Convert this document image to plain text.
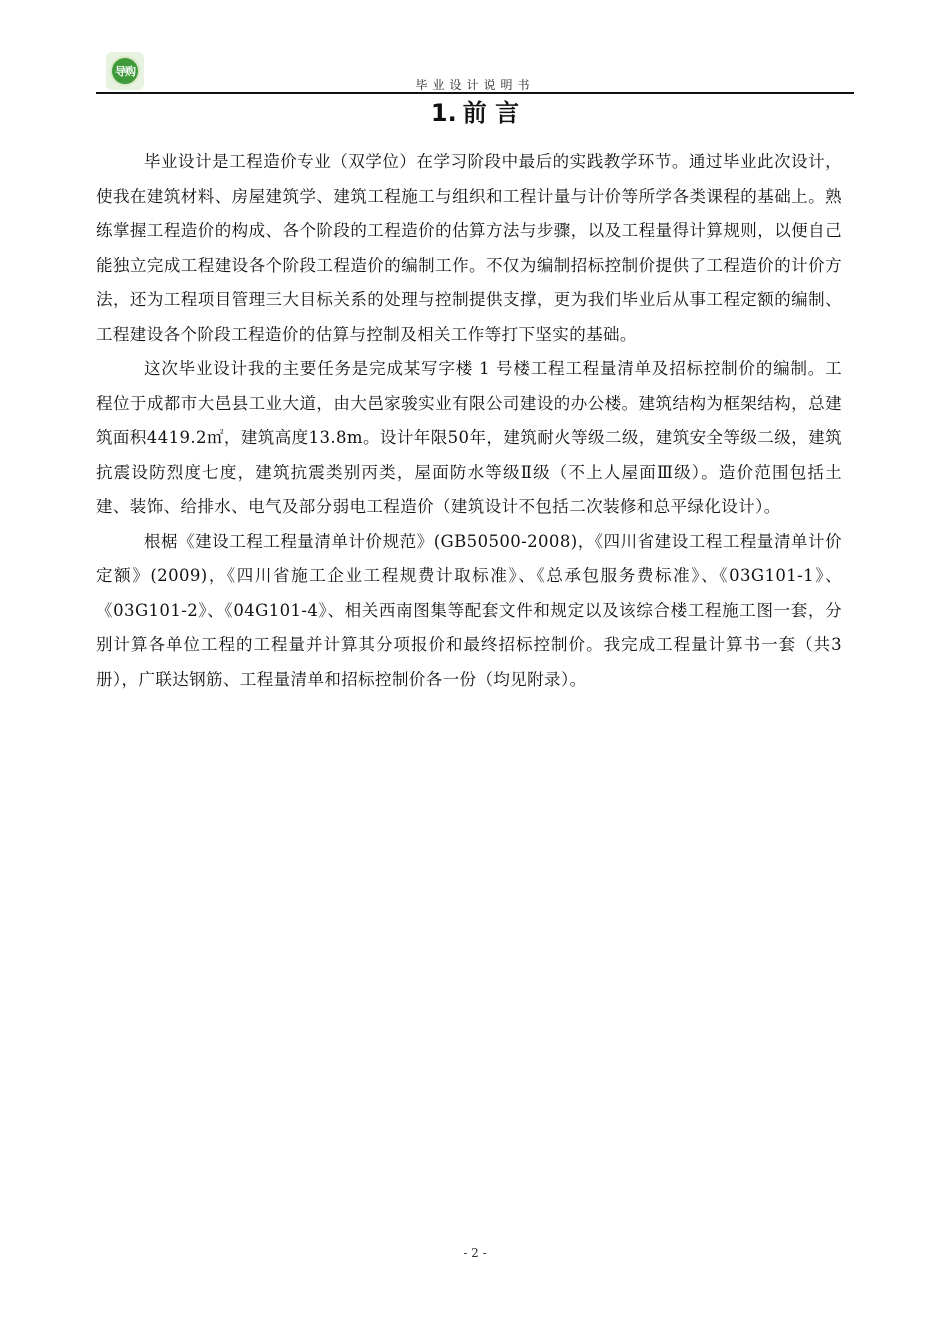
导购
毕业设计说明书
1. 前 言

毕业设计是工程造价专业（双学位）在学习阶段中最后的实践教学环节。通过毕业此次设计，使我在建筑材料、房屋建筑学、建筑工程施工与组织和工程计量与计价等所学各类课程的基础上。熟练掌握工程造价的构成、各个阶段的工程造价的估算方法与步骤，以及工程量得计算规则，以便自己能独立完成工程建设各个阶段工程造价的编制工作。不仅为编制招标控制价提供了工程造价的计价方法，还为工程项目管理三大目标关系的处理与控制提供支撑，更为我们毕业后从事工程定额的编制、工程建设各个阶段工程造价的估算与控制及相关工作等打下坚实的基础。

这次毕业设计我的主要任务是完成某写字楼 1 号楼工程工程量清单及招标控制价的编制。工程位于成都市大邑县工业大道，由大邑家骏实业有限公司建设的办公楼。建筑结构为框架结构，总建筑面积4419.2㎡，建筑高度13.8m。设计年限50年，建筑耐火等级二级，建筑安全等级二级，建筑抗震设防烈度七度，建筑抗震类别丙类，屋面防水等级Ⅱ级（不上人屋面Ⅲ级）。造价范围包括土建、装饰、给排水、电气及部分弱电工程造价（建筑设计不包括二次装修和总平绿化设计）。

根椐《建设工程工程量清单计价规范》(GB50500-2008)，《四川省建设工程工程量清单计价定额》(2009)，《四川省施工企业工程规费计取标准》、《总承包服务费标准》、《03G101-1》、《03G101-2》、《04G101-4》、相关西南图集等配套文件和规定以及该综合楼工程施工图一套，分别计算各单位工程的工程量并计算其分项报价和最终招标控制价。我完成工程量计算书一套（共3册），广联达钢筋、工程量清单和招标控制价各一份（均见附录）。

- 2 -
